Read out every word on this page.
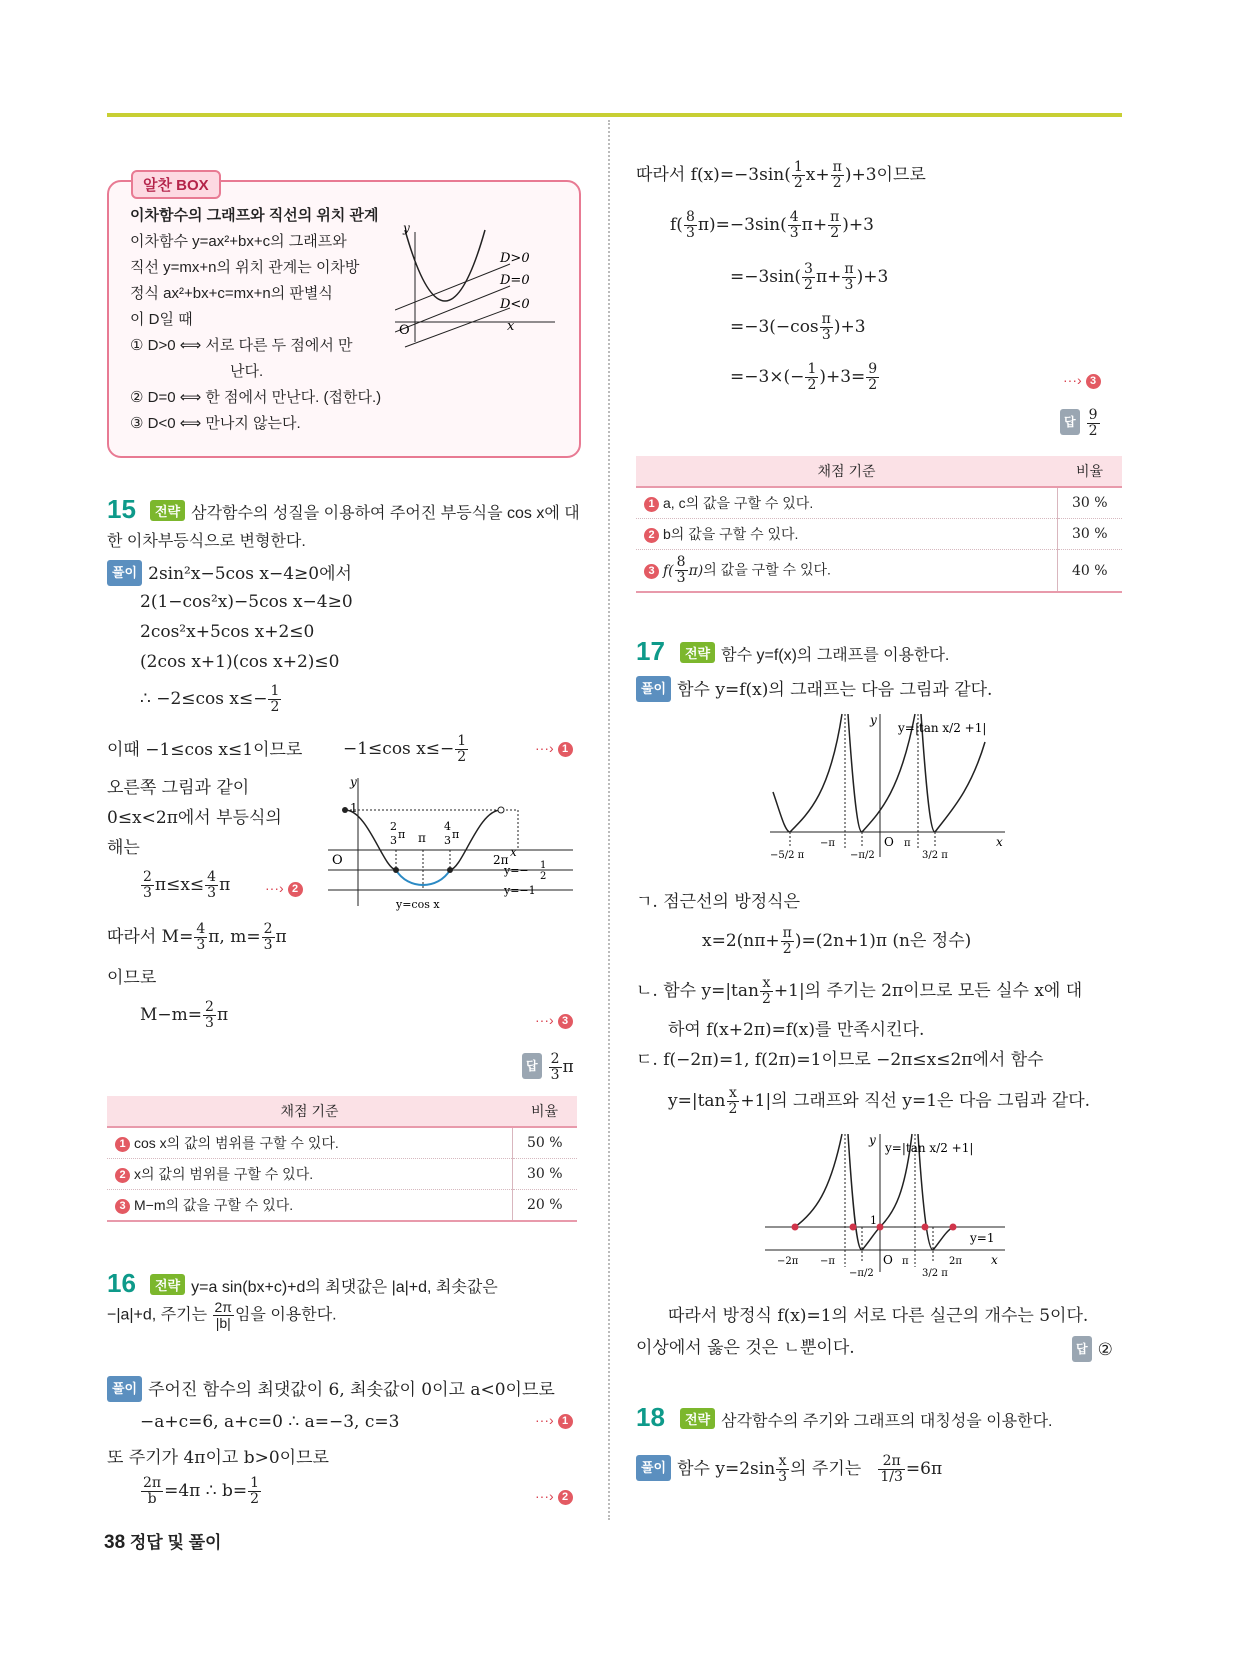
알찬 BOX
이차함수의 그래프와 직선의 위치 관계
이차함수 y=ax²+bx+c의 그래프와
직선 y=mx+n의 위치 관계는 이차방
정식 ax²+bx+c=mx+n의 판별식
이 D일 때
① D>0 ⟺ 서로 다른 두 점에서 만
난다.
② D=0 ⟺ 한 점에서 만난다. (접한다.)
③ D<0 ⟺ 만나지 않는다.
y
O	x
D>0
D=0
D<0
15	전략 삼각함수의 성질을 이용하여 주어진 부등식을 cos x에 대
한 이차부등식으로 변형한다.
풀이 2sin²x−5cos x−4≥0에서
2(1−cos²x)−5cos x−4≥0
2cos²x+5cos x+2≤0
(2cos x+1)(cos x+2)≤0
∴ −2≤cos $x\le- \frac{1}{2}$
이때 −1≤cos x≤1이므로 −1≤cos $x\le- \frac{1}{2}$	···› 1
오른쪽 그림과 같이
0≤x<2π에서 부등식의
해는
$\frac{2}{3} \pi\le x\le \frac{4}{3}$ π ···› 2
따라서 $M= \frac{4}{3} \pi$, $m= \frac{2}{3}$ π
이므로
$M-m= \frac{2}{3}$ π	···› 3
답 $\frac{2}{3}$ π
y
1
O	2π
x
π
2
3 π
4
3 π
y=− 1
2
y=−1
y=cos x
채점 기준	비율
1 cos x의 값의 범위를 구할 수 있다.	50 %
2 x의 값의 범위를 구할 수 있다.	30 %
3 M−m의 값을 구할 수 있다.	20 %
16	전략 y=a sin(bx+c)+d의 최댓값은 |a|+d, 최솟값은
−|a|+d, 주기는 $\frac{2\pi}{|b|}$ 임을 이용한다.
풀이 주어진 함수의 최댓값이 6, 최솟값이 0이고 a<0이므로
−a+c=6, a+c=0 ∴ a=−3, c=3	···› 1
또 주기가 4π이고 b>0이므로
$\frac{2\pi}{b} =4\pi$ ∴ $b= \frac{1}{2}$	···› 2
따라서 $f(x)=-3\sin( \frac{1}{2} x+ \frac{\pi}{2} )+3$이므로
$f( \frac{8}{3} \pi)=-3\sin( \frac{4}{3} \pi+ \frac{\pi}{2} )+3$
$=-3\sin( \frac{3}{2} \pi+ \frac{\pi}{3} )+3$
$=-3(-\cos \frac{\pi}{3} )+3$
$=-3\times(- \frac{1}{2} )+3= \frac{9}{2}$	···› 3
답 $\frac{9}{2}$
채점 기준	비율
1 a, c의 값을 구할 수 있다.	30 %
2 b의 값을 구할 수 있다.	30 %
3 $f( \frac{8}{3} \pi)$의 값을 구할 수 있다.	40 %
17	전략 함수 y=f(x)의 그래프를 이용한다.
풀이 함수 y=f(x)의 그래프는 다음 그림과 같다.
y
y=|tan x/2 +1|
O	x
−5/2 π
−π
−π/2
π
3/2 π
ㄱ. 점근선의 방정식은
$x=2(n\pi+ \frac{\pi}{2} )=(2n+1)\pi$ (n은 정수)
ㄴ. 함수 $y=|\tan \frac{x}{2} +1|$의 주기는 2π이므로 모든 실수 x에 대
하여 f(x+2π)=f(x)를 만족시킨다.
ㄷ. f(−2π)=1, f(2π)=1이므로 −2π≤x≤2π에서 함수
$y=|\tan \frac{x}{2} +1|$의 그래프와 직선 y=1은 다음 그림과 같다.
y
y=|tan x/2 +1|
1
y=1
O	x
−2π −π
−π/2
π
3/2 π
2π
따라서 방정식 f(x)=1의 서로 다른 실근의 개수는 5이다.
이상에서 옳은 것은 ㄴ뿐이다.	답 ②
18	전략 삼각함수의 주기와 그래프의 대칭성을 이용한다.
풀이 함수 $y=2\sin \frac{x}{3}$ 의 주기는 $\frac{2\pi}{1/3} =6\pi$
38 정답 및 풀이
